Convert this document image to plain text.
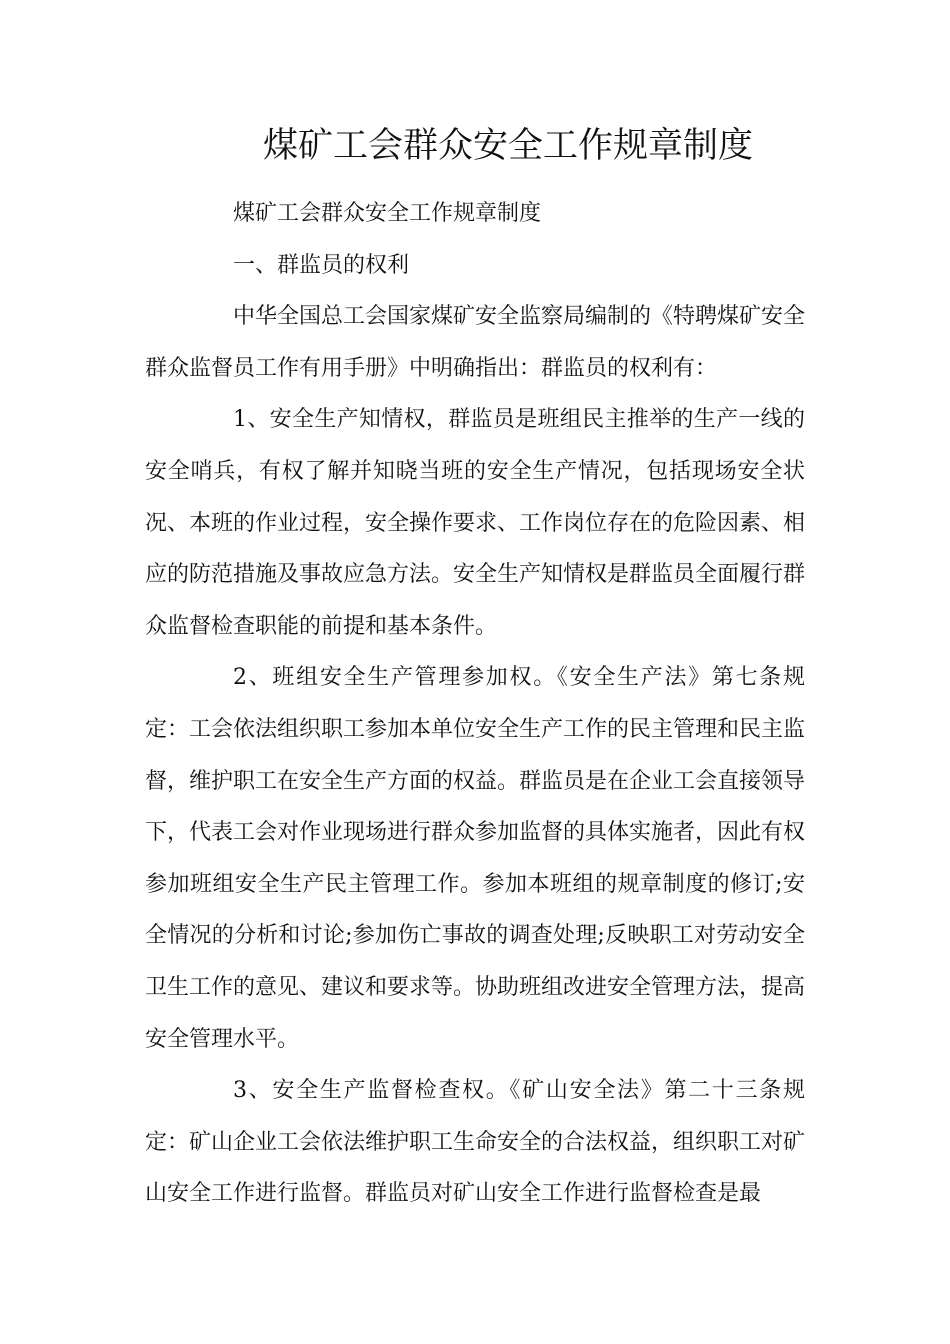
煤矿工会群众安全工作规章制度

煤矿工会群众安全工作规章制度

一、群监员的权利

中华全国总工会国家煤矿安全监察局编制的《特聘煤矿安全群众监督员工作有用手册》中明确指出：群监员的权利有：

1、安全生产知情权，群监员是班组民主推举的生产一线的安全哨兵，有权了解并知晓当班的安全生产情况，包括现场安全状况、本班的作业过程，安全操作要求、工作岗位存在的危险因素、相应的防范措施及事故应急方法。安全生产知情权是群监员全面履行群众监督检查职能的前提和基本条件。

2、班组安全生产管理参加权。《安全生产法》第七条规定：工会依法组织职工参加本单位安全生产工作的民主管理和民主监督，维护职工在安全生产方面的权益。群监员是在企业工会直接领导下，代表工会对作业现场进行群众参加监督的具体实施者，因此有权参加班组安全生产民主管理工作。参加本班组的规章制度的修订;安全情况的分析和讨论;参加伤亡事故的调查处理;反映职工对劳动安全卫生工作的意见、建议和要求等。协助班组改进安全管理方法，提高安全管理水平。

3、安全生产监督检查权。《矿山安全法》第二十三条规定：矿山企业工会依法维护职工生命安全的合法权益，组织职工对矿山安全工作进行监督。群监员对矿山安全工作进行监督检查是最
